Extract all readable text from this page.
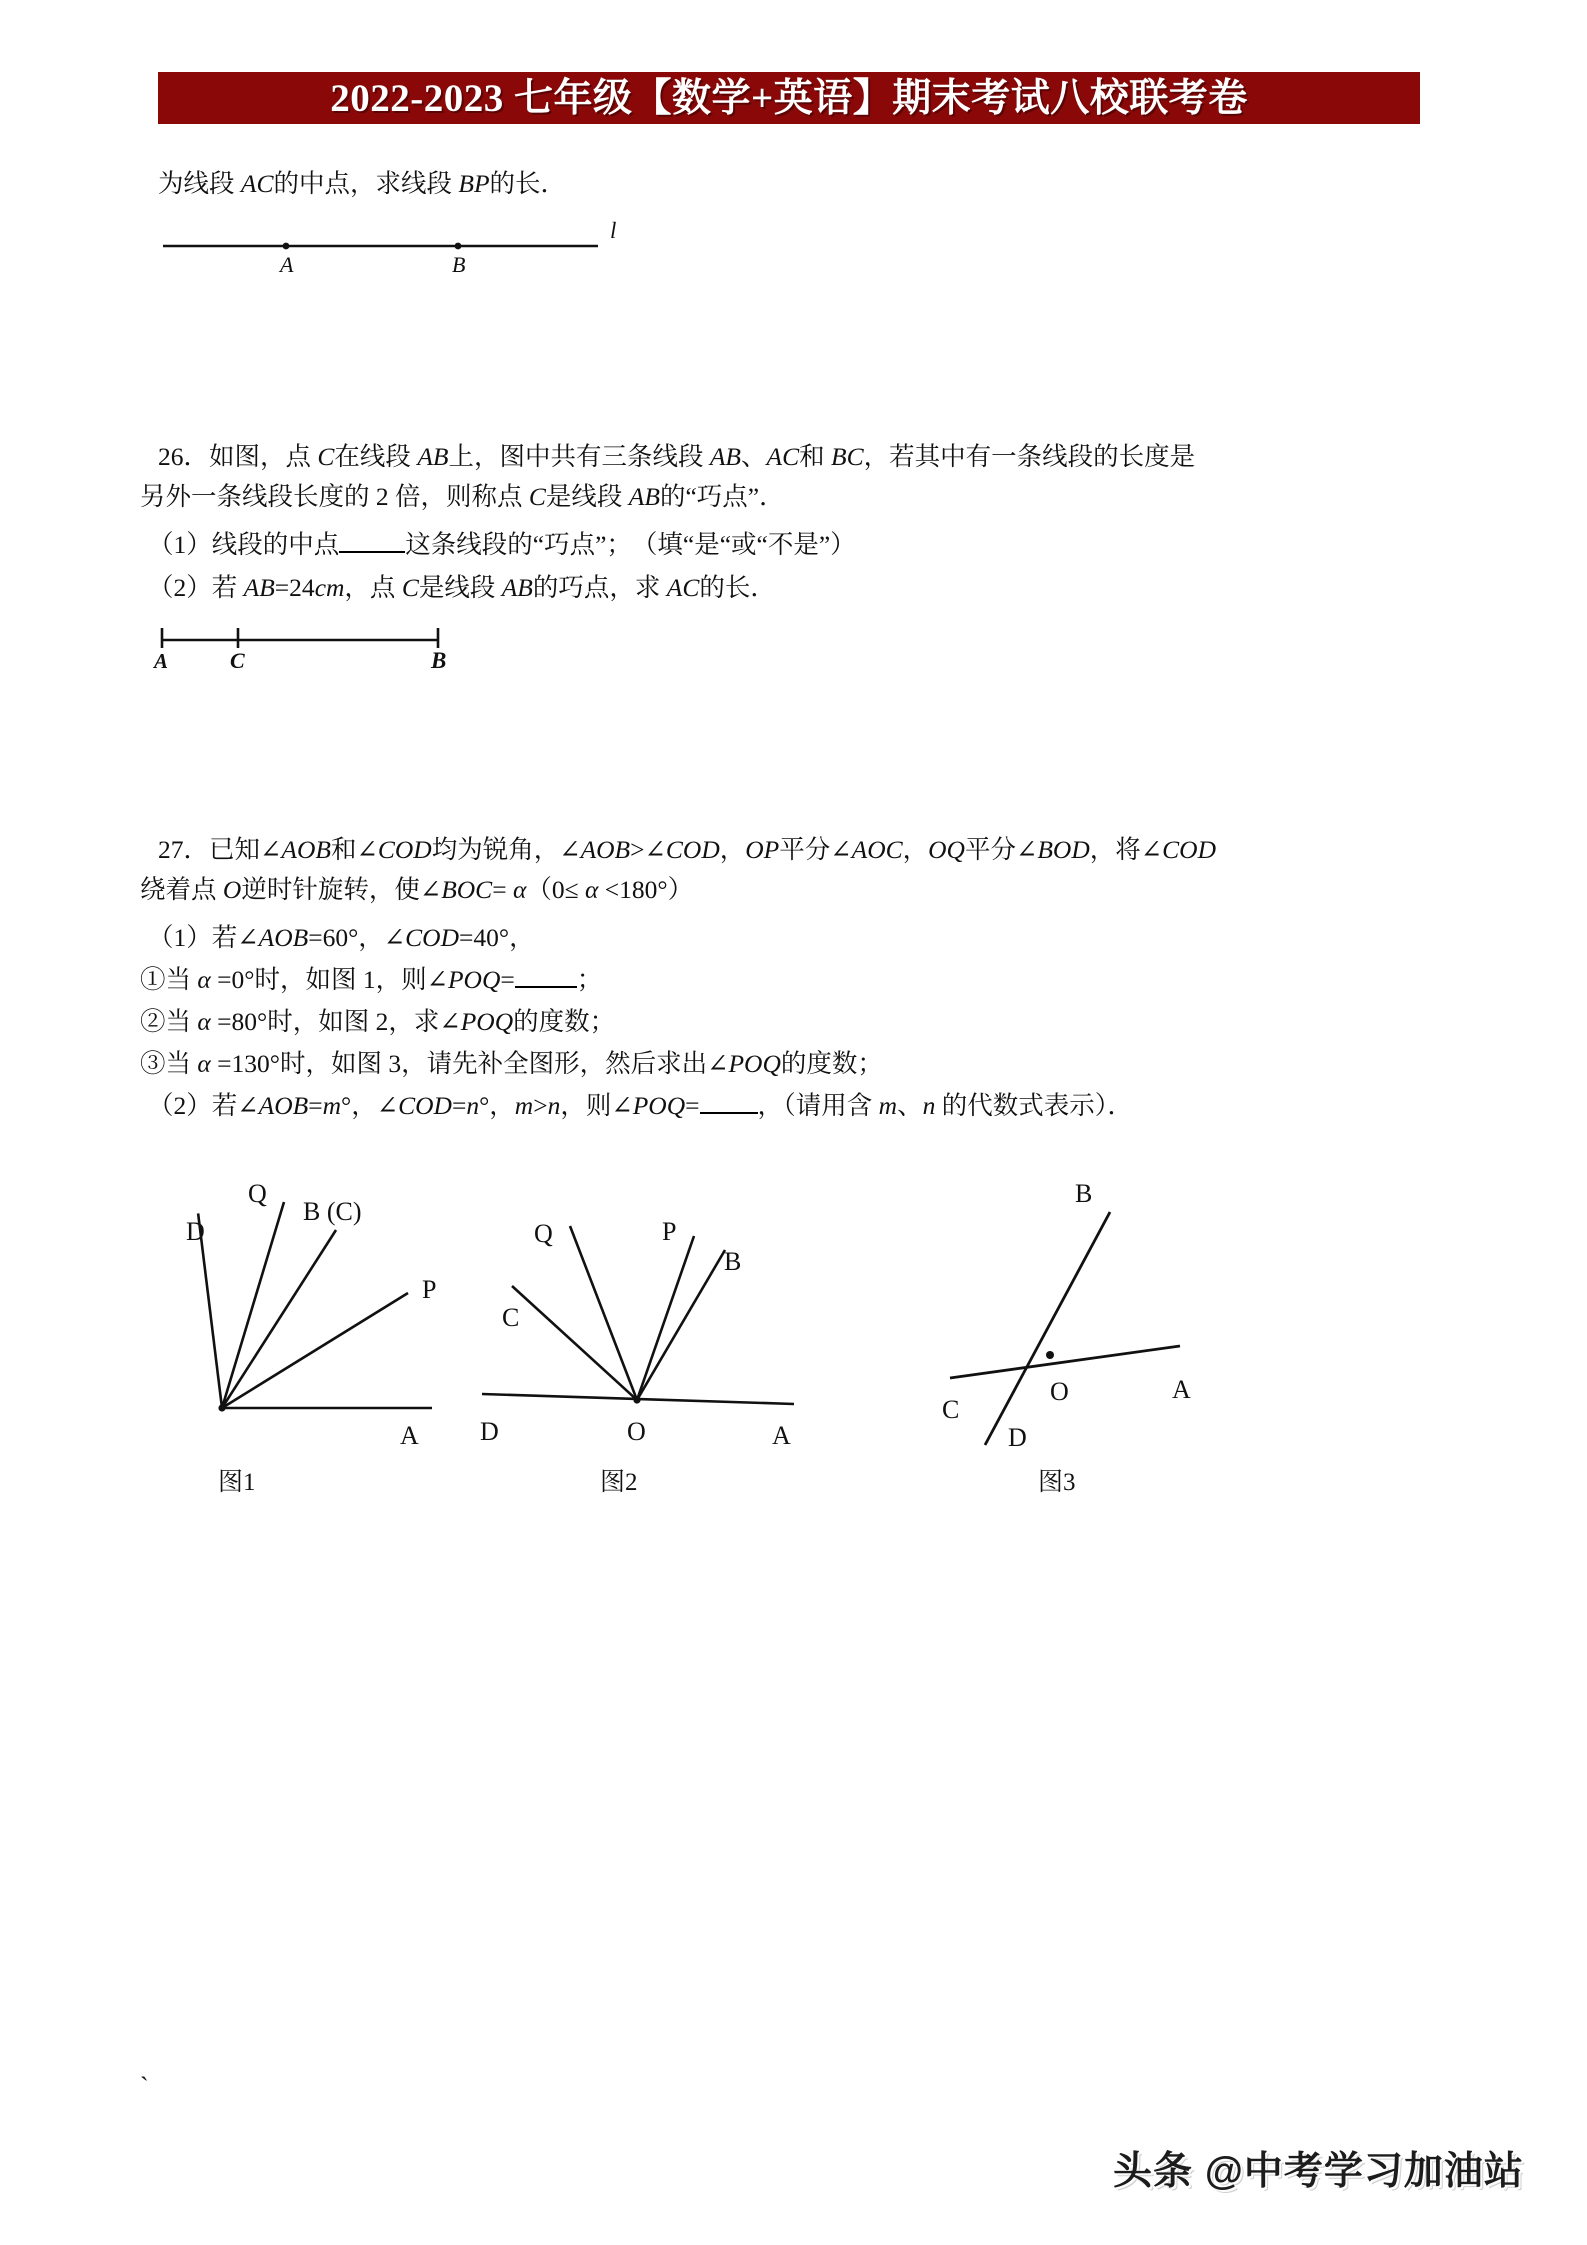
2022-2023 七年级【数学+英语】期末考试八校联考卷
为线段 AC的中点，求线段 BP的长．
A	B
l
26．如图，点 C在线段 AB上，图中共有三条线段 AB、AC和 BC，若其中有一条线段的长度是
另外一条线段长度的 2 倍，则称点 C是线段 AB的“巧点”．
（1）线段的中点	这条线段的“巧点”；　（填“是“或“不是”）
（2）若 AB=24cm，点 C是线段 AB的巧点，求 AC的长．
A	C	B
27．已知∠AOB和∠COD均为锐角，∠AOB>∠COD，OP平分∠AOC，OQ平分∠BOD，将∠COD
绕着点 O逆时针旋转，使∠BOC= α（0≤ α <180°）
（1）若∠AOB=60°，∠COD=40°，
①当 α =0°时，如图 1，则∠POQ= ；
②当 α =80°时，如图 2，求∠POQ的度数；
③当 α =130°时，如图 3，请先补全图形，然后求出∠POQ的度数；
（2）若∠AOB=m°，∠COD=n°，m>n，则∠POQ= ，（请用含 m、n 的代数式表示）．
D
Q
B (C)
P
A
图1
Q	P
B
C
D	O	A
图2
B
C
O	A
D
图3
`
头条 @中考学习加油站
